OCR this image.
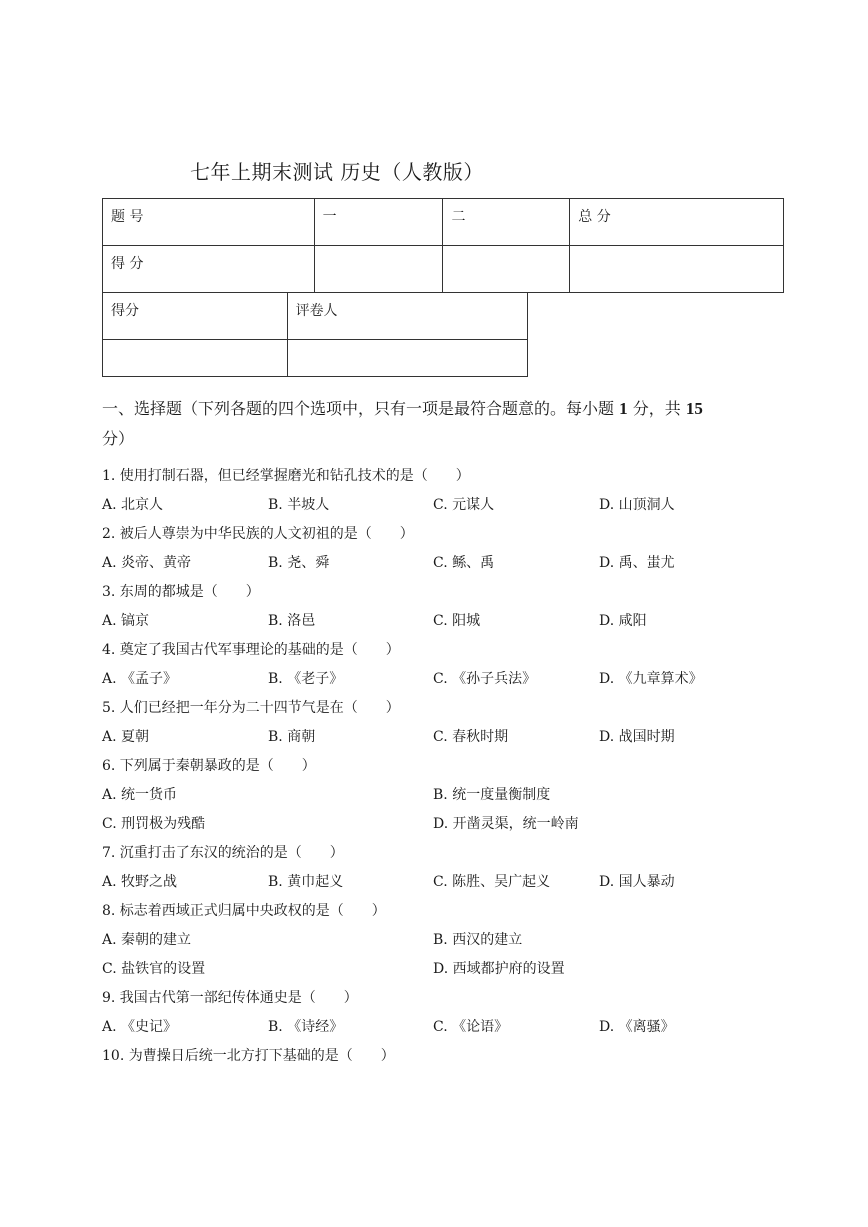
七年上期末测试 历史（人教版）
题 号	一	二	总 分
得 分			
得分	评卷人

一、选择题（下列各题的四个选项中，只有一项是最符合题意的。每小题 1 分，共 15
分）
1. 使用打制石器，但已经掌握磨光和钻孔技术的是（　　）
A. 北京人	B. 半坡人	C. 元谋人	D. 山顶洞人
2. 被后人尊崇为中华民族的人文初祖的是（　　）
A. 炎帝、黄帝	B. 尧、舜	C. 鲧、禹	D. 禹、蚩尤
3. 东周的都城是（　　）
A. 镐京	B. 洛邑	C. 阳城	D. 咸阳
4. 奠定了我国古代军事理论的基础的是（　　）
A. 《孟子》	B. 《老子》	C. 《孙子兵法》	D. 《九章算术》
5. 人们已经把一年分为二十四节气是在（　　）
A. 夏朝	B. 商朝	C. 春秋时期	D. 战国时期
6. 下列属于秦朝暴政的是（　　）
A. 统一货币	B. 统一度量衡制度
C. 刑罚极为残酷	D. 开凿灵渠，统一岭南
7. 沉重打击了东汉的统治的是（　　）
A. 牧野之战	B. 黄巾起义	C. 陈胜、吴广起义	D. 国人暴动
8. 标志着西域正式归属中央政权的是（　　）
A. 秦朝的建立	B. 西汉的建立
C. 盐铁官的设置	D. 西域都护府的设置
9. 我国古代第一部纪传体通史是（　　）
A. 《史记》	B. 《诗经》	C. 《论语》	D. 《离骚》
10. 为曹操日后统一北方打下基础的是（　　）
